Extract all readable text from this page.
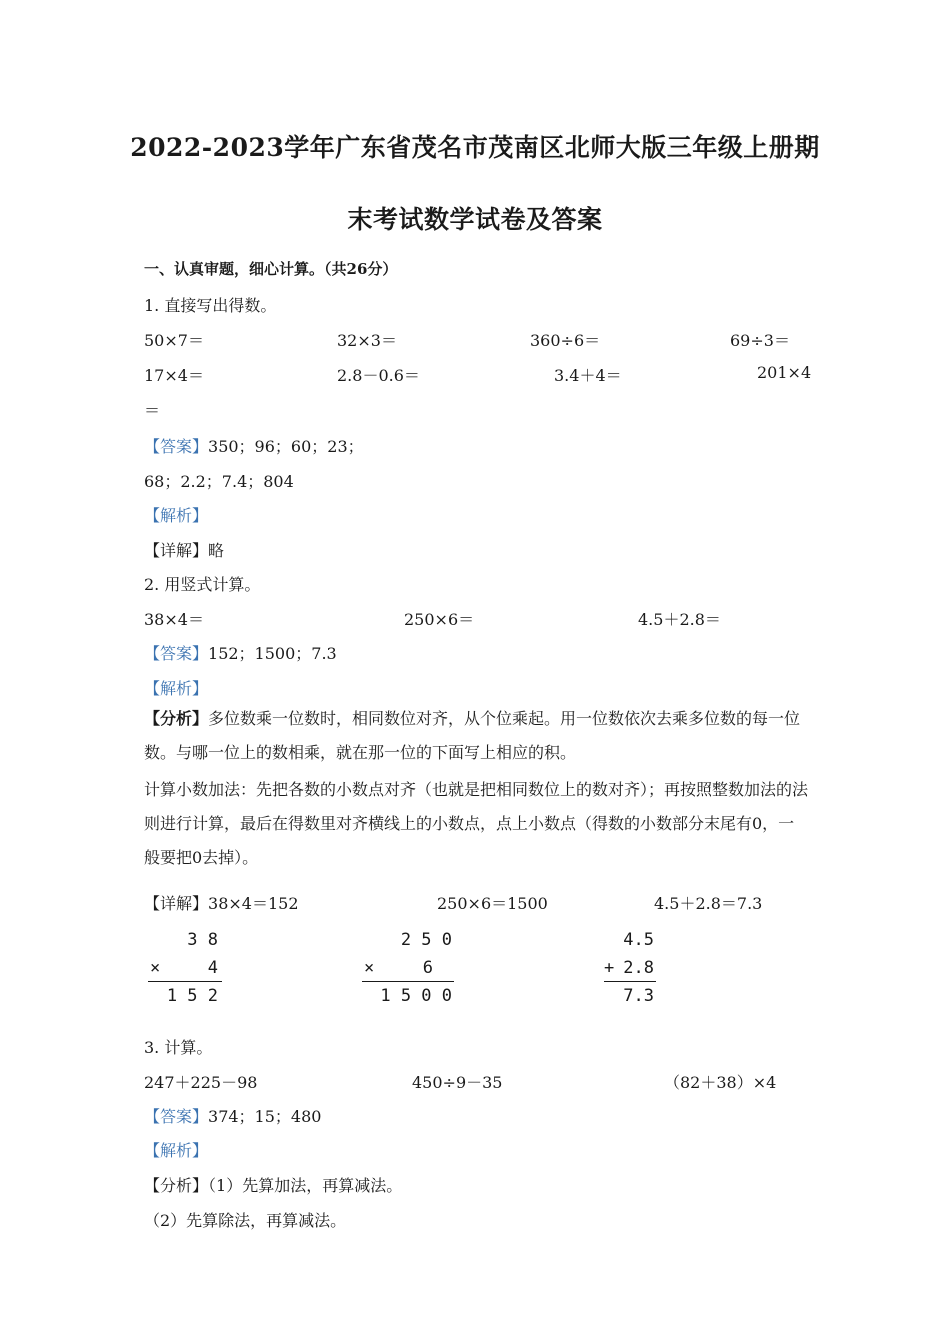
2022-2023学年广东省茂名市茂南区北师大版三年级上册期
末考试数学试卷及答案
一、认真审题，细心计算。（共26分）
1. 直接写出得数。
50×7＝	32×3＝	360÷6＝	69÷3＝
17×4＝	2.8－0.6＝	3.4＋4＝	201×4
＝
【答案】350；96；60；23；
68；2.2；7.4；804
【解析】
【详解】略
2. 用竖式计算。
38×4＝	250×6＝	4.5＋2.8＝
【答案】152；1500；7.3
【解析】
【分析】多位数乘一位数时，相同数位对齐，从个位乘起。用一位数依次去乘多位数的每一位数。与哪一位上的数相乘，就在那一位的下面写上相应的积。
计算小数加法：先把各数的小数点对齐（也就是把相同数位上的数对齐）；再按照整数加法的法则进行计算，最后在得数里对齐横线上的小数点，点上小数点（得数的小数部分末尾有0，一般要把0去掉）。
【详解】38×4＝152	250×6＝1500	4.5＋2.8＝7.3
3 8
×	4
1 5 2
2 5 0
×	6
1 5 0 0
4.5
+ 2.8
7.3
3. 计算。
247＋225－98	450÷9－35	（82＋38）×4
【答案】374；15；480
【解析】
【分析】（1）先算加法，再算减法。
（2）先算除法，再算减法。
